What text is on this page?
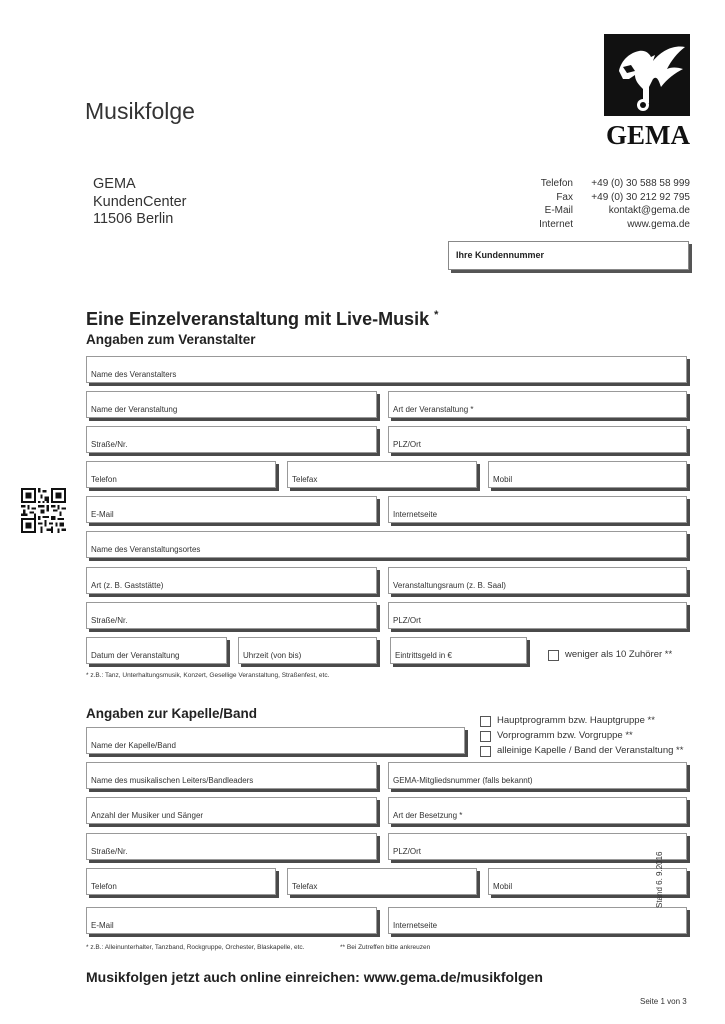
Musikfolge
GEMA
GEMA
KundenCenter
11506 Berlin
Telefon	+49 (0) 30 588 58 999
Fax	+49 (0) 30 212 92 795
E-Mail	kontakt@gema.de
Internet	www.gema.de
Ihre Kundennummer
Eine Einzelveranstaltung mit Live-Musik *
Angaben zum Veranstalter
Name des Veranstalters
Name der Veranstaltung	Art der Veranstaltung *
Straße/Nr.	PLZ/Ort
Telefon	Telefax	Mobil
E-Mail	Internetseite
Name des Veranstaltungsortes
Art (z. B. Gaststätte)	Veranstaltungsraum (z. B. Saal)
Straße/Nr.	PLZ/Ort
Datum der Veranstaltung	Uhrzeit (von bis)	Eintrittsgeld in €	weniger als 10 Zuhörer **
* z.B.: Tanz, Unterhaltungsmusik, Konzert, Gesellige Veranstaltung, Straßenfest, etc.
Angaben zur Kapelle/Band	Hauptprogramm bzw. Hauptgruppe **
Vorprogramm bzw. Vorgruppe **
alleinige Kapelle / Band der Veranstaltung **
Name der Kapelle/Band
Name des musikalischen Leiters/Bandleaders	GEMA-Mitgliedsnummer (falls bekannt)
Anzahl der Musiker und Sänger	Art der Besetzung *
Straße/Nr.	PLZ/Ort
Telefon	Telefax	Mobil
E-Mail	Internetseite
* z.B.: Alleinunterhalter, Tanzband, Rockgruppe, Orchester, Blaskapelle, etc.	** Bei Zutreffen bitte ankreuzen
Stand 6. 9.2016
Musikfolgen jetzt auch online einreichen: www.gema.de/musikfolgen
Seite 1 von 3
